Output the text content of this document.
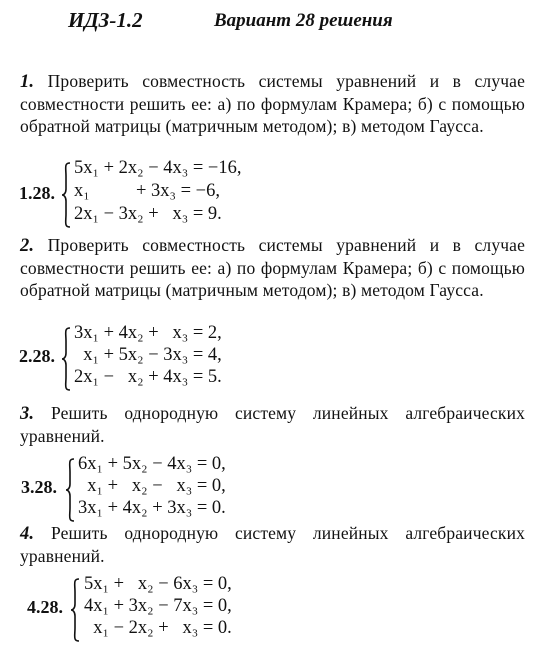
ИДЗ-1.2	Вариант 28 решения
1. Проверить совместность системы уравнений и в случае совместности решить ее: а) по формулам Крамера; б) с помощью обратной матрицы (матричным методом); в) методом Гаусса.
1.28.
5x₁ + 2x₂ − 4x₃ = −16,
x₁          + 3x₃ = −6,
2x₁ − 3x₂ +   x₃ = 9.
2. Проверить совместность системы уравнений и в случае совместности решить ее: а) по формулам Крамера; б) с помощью обратной матрицы (матричным методом); в) методом Гаусса.
2.28.
3x₁ + 4x₂ +   x₃ = 2,
x₁ + 5x₂ − 3x₃ = 4,
2x₁ −   x₂ + 4x₃ = 5.
3. Решить однородную систему линейных алгебраических уравнений.
3.28.
6x₁ + 5x₂ − 4x₃ = 0,
x₁ +   x₂ −   x₃ = 0,
3x₁ + 4x₂ + 3x₃ = 0.
4. Решить однородную систему линейных алгебраических уравнений.
4.28.
5x₁ +   x₂ − 6x₃ = 0,
4x₁ + 3x₂ − 7x₃ = 0,
x₁ − 2x₂ +   x₃ = 0.
